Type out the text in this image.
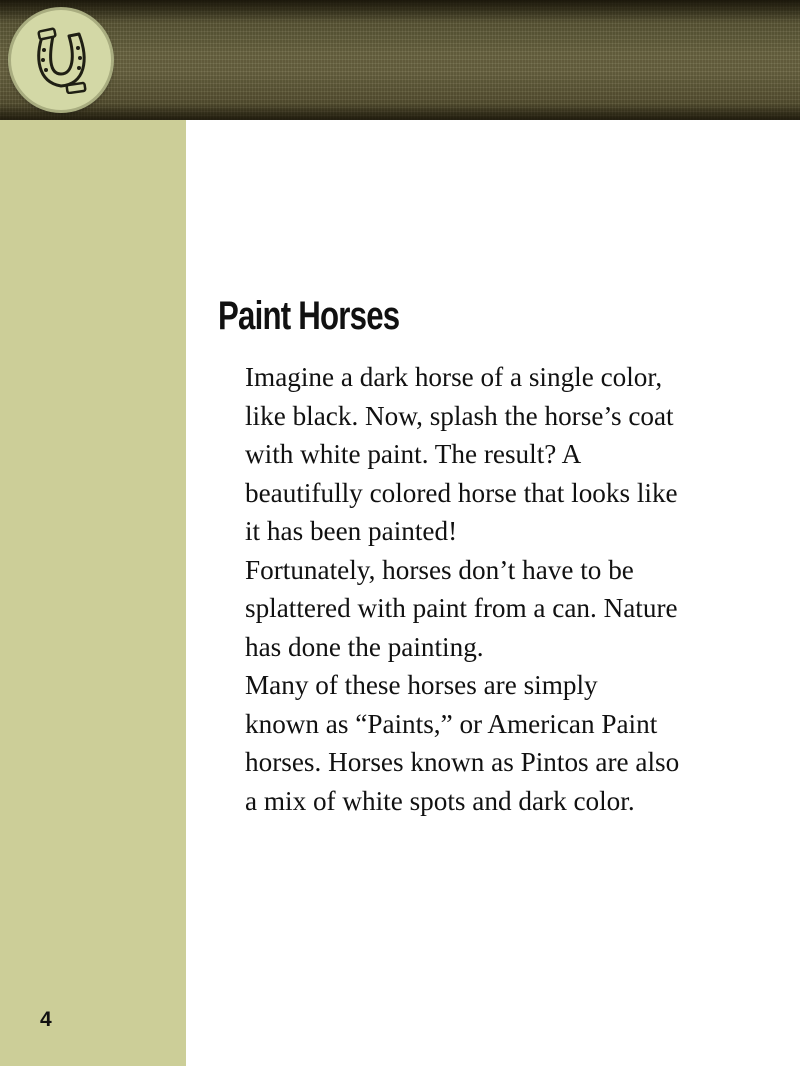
4
Paint Horses

Imagine a dark horse of a single color,
like black. Now, splash the horse’s coat
with white paint. The result? A
beautifully colored horse that looks like
it has been painted!

Fortunately, horses don’t have to be
splattered with paint from a can. Nature
has done the painting.

Many of these horses are simply
known as “Paints,” or American Paint
horses. Horses known as Pintos are also
a mix of white spots and dark color.
